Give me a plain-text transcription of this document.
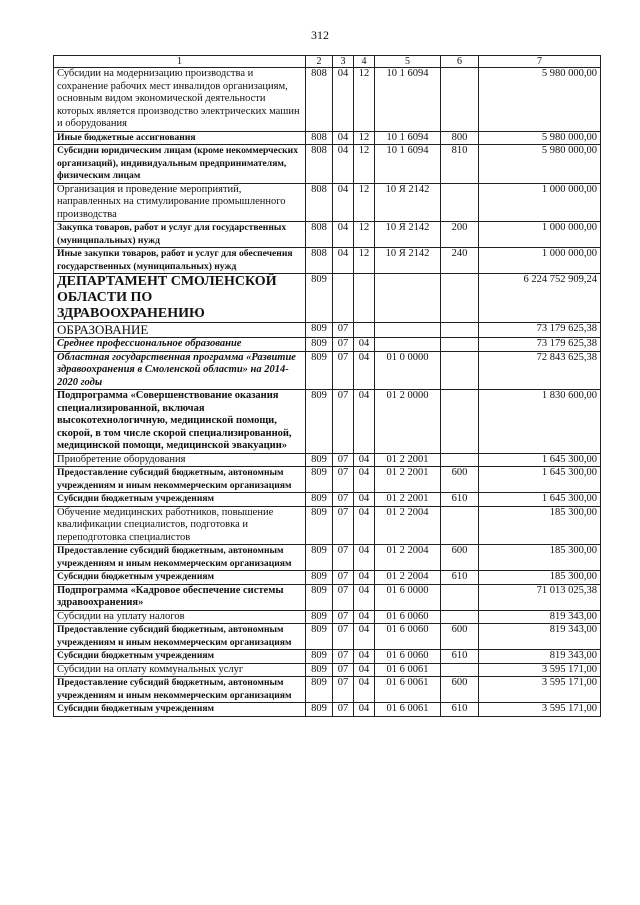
312
1	2	3	4	5	6	7
Субсидии на модернизацию производства и сохранение рабочих мест инвалидов организациям, основным видом экономической деятельности которых является производство электрических машин и оборудования	808	04	12	10 1 6094		5 980 000,00
Иные бюджетные ассигнования	808	04	12	10 1 6094	800	5 980 000,00
Субсидии юридическим лицам (кроме некоммерческих организаций), индивидуальным предпринимателям, физическим лицам	808	04	12	10 1 6094	810	5 980 000,00
Организация и проведение мероприятий, направленных на стимулирование промышленного производства	808	04	12	10 Я 2142		1 000 000,00
Закупка товаров, работ и услуг для государственных (муниципальных) нужд	808	04	12	10 Я 2142	200	1 000 000,00
Иные закупки товаров, работ и услуг для обеспечения государственных (муниципальных) нужд	808	04	12	10 Я 2142	240	1 000 000,00
ДЕПАРТАМЕНТ СМОЛЕНСКОЙ ОБЛАСТИ ПО ЗДРАВООХРАНЕНИЮ	809					6 224 752 909,24
ОБРАЗОВАНИЕ	809	07				73 179 625,38
Среднее профессиональное образование	809	07	04			73 179 625,38
Областная государственная программа «Развитие здравоохранения в Смоленской области» на 2014-2020 годы	809	07	04	01 0 0000		72 843 625,38
Подпрограмма «Совершенствование оказания специализированной, включая высокотехнологичную, медицинской помощи, скорой, в том числе скорой специализированной, медицинской помощи, медицинской эвакуации»	809	07	04	01 2 0000		1 830 600,00
Приобретение оборудования	809	07	04	01 2 2001		1 645 300,00
Предоставление субсидий бюджетным, автономным учреждениям и иным некоммерческим организациям	809	07	04	01 2 2001	600	1 645 300,00
Субсидии бюджетным учреждениям	809	07	04	01 2 2001	610	1 645 300,00
Обучение медицинских работников, повышение квалификации специалистов, подготовка и переподготовка специалистов	809	07	04	01 2 2004		185 300,00
Предоставление субсидий бюджетным, автономным учреждениям и иным некоммерческим организациям	809	07	04	01 2 2004	600	185 300,00
Субсидии бюджетным учреждениям	809	07	04	01 2 2004	610	185 300,00
Подпрограмма «Кадровое обеспечение системы здравоохранения»	809	07	04	01 6 0000		71 013 025,38
Субсидии на уплату налогов	809	07	04	01 6 0060		819 343,00
Предоставление субсидий бюджетным, автономным учреждениям и иным некоммерческим организациям	809	07	04	01 6 0060	600	819 343,00
Субсидии бюджетным учреждениям	809	07	04	01 6 0060	610	819 343,00
Субсидии на оплату коммунальных услуг	809	07	04	01 6 0061		3 595 171,00
Предоставление субсидий бюджетным, автономным учреждениям и иным некоммерческим организациям	809	07	04	01 6 0061	600	3 595 171,00
Субсидии бюджетным учреждениям	809	07	04	01 6 0061	610	3 595 171,00
